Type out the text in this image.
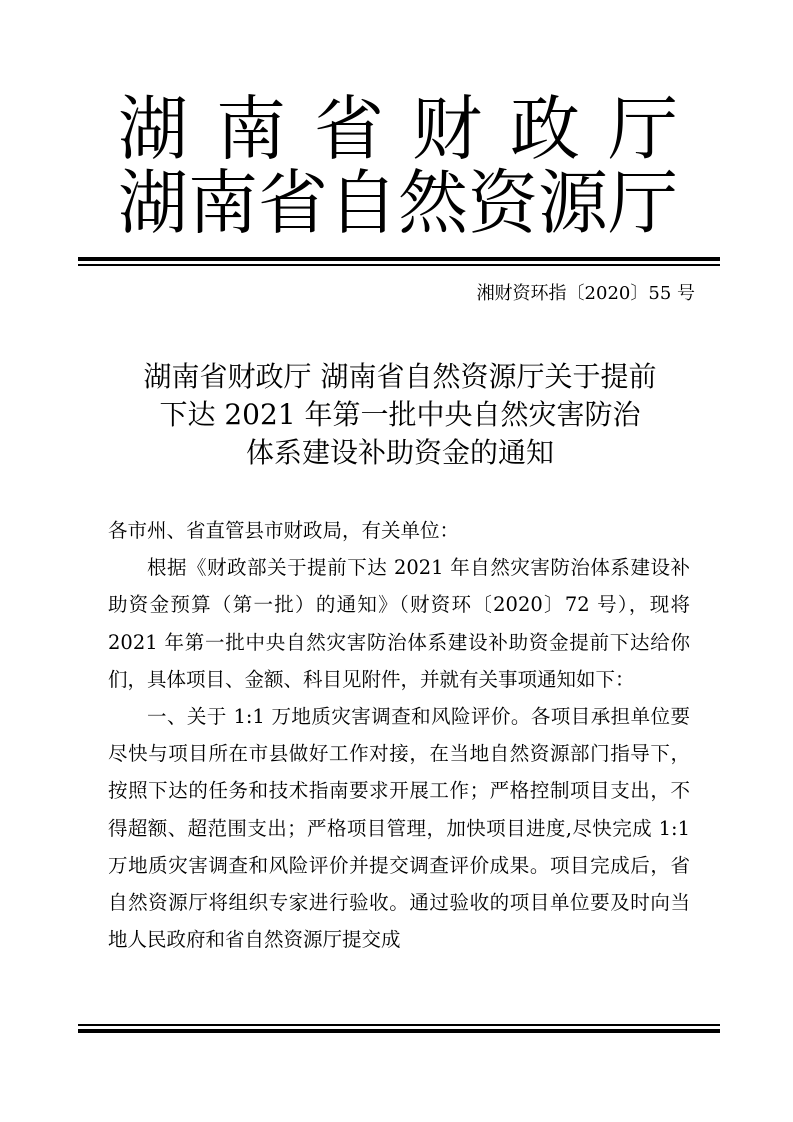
湖南省财政厅
湖南省自然资源厅
湘财资环指〔2020〕55 号
湖南省财政厅 湖南省自然资源厅关于提前
下达 2021 年第一批中央自然灾害防治
体系建设补助资金的通知

各市州、省直管县市财政局，有关单位：

根据《财政部关于提前下达 2021 年自然灾害防治体系建设补助资金预算（第一批）的通知》（财资环〔2020〕72 号），现将2021 年第一批中央自然灾害防治体系建设补助资金提前下达给你们，具体项目、金额、科目见附件，并就有关事项通知如下：

一、关于 1:1 万地质灾害调查和风险评价。各项目承担单位要尽快与项目所在市县做好工作对接，在当地自然资源部门指导下，按照下达的任务和技术指南要求开展工作；严格控制项目支出，不得超额、超范围支出；严格项目管理，加快项目进度,尽快完成 1:1 万地质灾害调查和风险评价并提交调查评价成果。项目完成后，省自然资源厅将组织专家进行验收。通过验收的项目单位要及时向当地人民政府和省自然资源厅提交成
